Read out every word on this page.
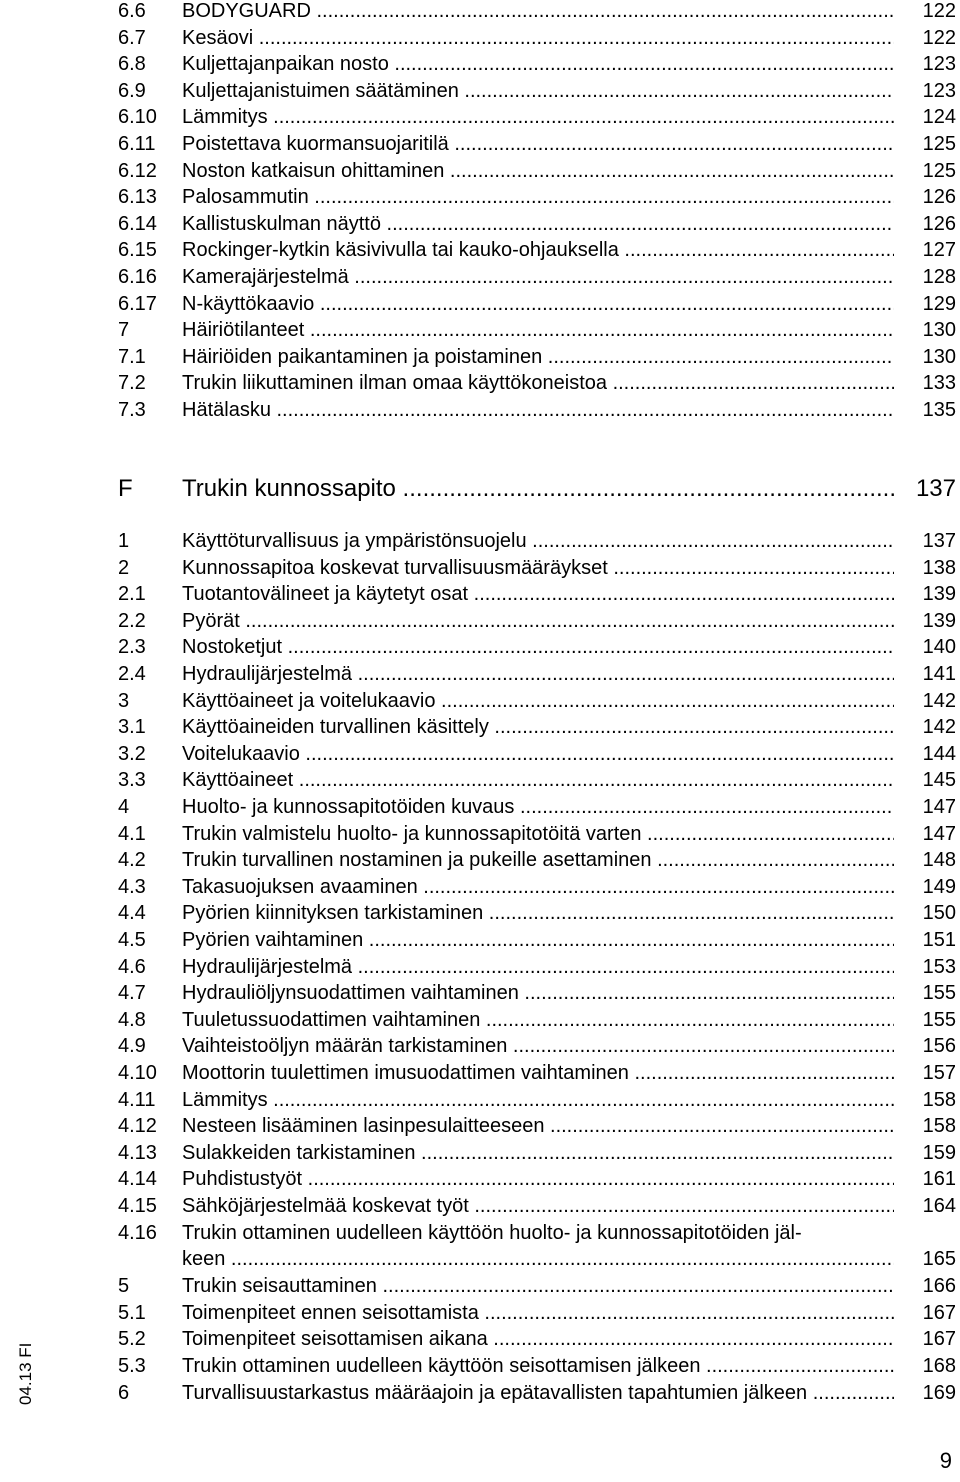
6.6 BODYGUARD .....	122
6.7 Kesäovi .....	122
6.8 Kuljettajanpaikan nosto .....	123
6.9 Kuljettajanistuimen säätäminen .....	123
6.10 Lämmitys .....	124
6.11 Poistettava kuormansuojaritilä .....	125
6.12 Noston katkaisun ohittaminen .....	125
6.13 Palosammutin .....	126
6.14 Kallistuskulman näyttö .....	126
6.15 Rockinger-kytkin käsivivulla tai kauko-ohjauksella .....	127
6.16 Kamerajärjestelmä .....	128
6.17 N-käyttökaavio .....	129
7	Häiriötilanteet .....	130
7.1 Häiriöiden paikantaminen ja poistaminen .....	130
7.2 Trukin liikuttaminen ilman omaa käyttökoneistoa .....	133
7.3 Hätälasku .....	135
F Trukin kunnossapito .....	137
1	Käyttöturvallisuus ja ympäristönsuojelu .....	137
2	Kunnossapitoa koskevat turvallisuusmääräykset .....	138
2.1 Tuotantovälineet ja käytetyt osat .....	139
2.2 Pyörät .....	139
2.3 Nostoketjut .....	140
2.4 Hydraulijärjestelmä .....	141
3	Käyttöaineet ja voitelukaavio .....	142
3.1 Käyttöaineiden turvallinen käsittely .....	142
3.2 Voitelukaavio .....	144
3.3 Käyttöaineet .....	145
4	Huolto- ja kunnossapitotöiden kuvaus .....	147
4.1 Trukin valmistelu huolto- ja kunnossapitotöitä varten .....	147
4.2 Trukin turvallinen nostaminen ja pukeille asettaminen .....	148
4.3 Takasuojuksen avaaminen .....	149
4.4 Pyörien kiinnityksen tarkistaminen .....	150
4.5 Pyörien vaihtaminen .....	151
4.6 Hydraulijärjestelmä .....	153
4.7 Hydrauliöljynsuodattimen vaihtaminen .....	155
4.8 Tuuletussuodattimen vaihtaminen .....	155
4.9 Vaihteistoöljyn määrän tarkistaminen .....	156
4.10 Moottorin tuulettimen imusuodattimen vaihtaminen .....	157
4.11 Lämmitys .....	158
4.12 Nesteen lisääminen lasinpesulaitteeseen .....	158
4.13 Sulakkeiden tarkistaminen .....	159
4.14 Puhdistustyöt .....	161
4.15 Sähköjärjestelmää koskevat työt .....	164
4.16 Trukin ottaminen uudelleen käyttöön huolto- ja kunnossapitotöiden jäl-
keen .....	165
5	Trukin seisauttaminen .....	166
5.1 Toimenpiteet ennen seisottamista .....	167
5.2 Toimenpiteet seisottamisen aikana .....	167
5.3 Trukin ottaminen uudelleen käyttöön seisottamisen jälkeen .....	168
6	Turvallisuustarkastus määräajoin ja epätavallisten tapahtumien jälkeen .....	169
04.13 FI
9
